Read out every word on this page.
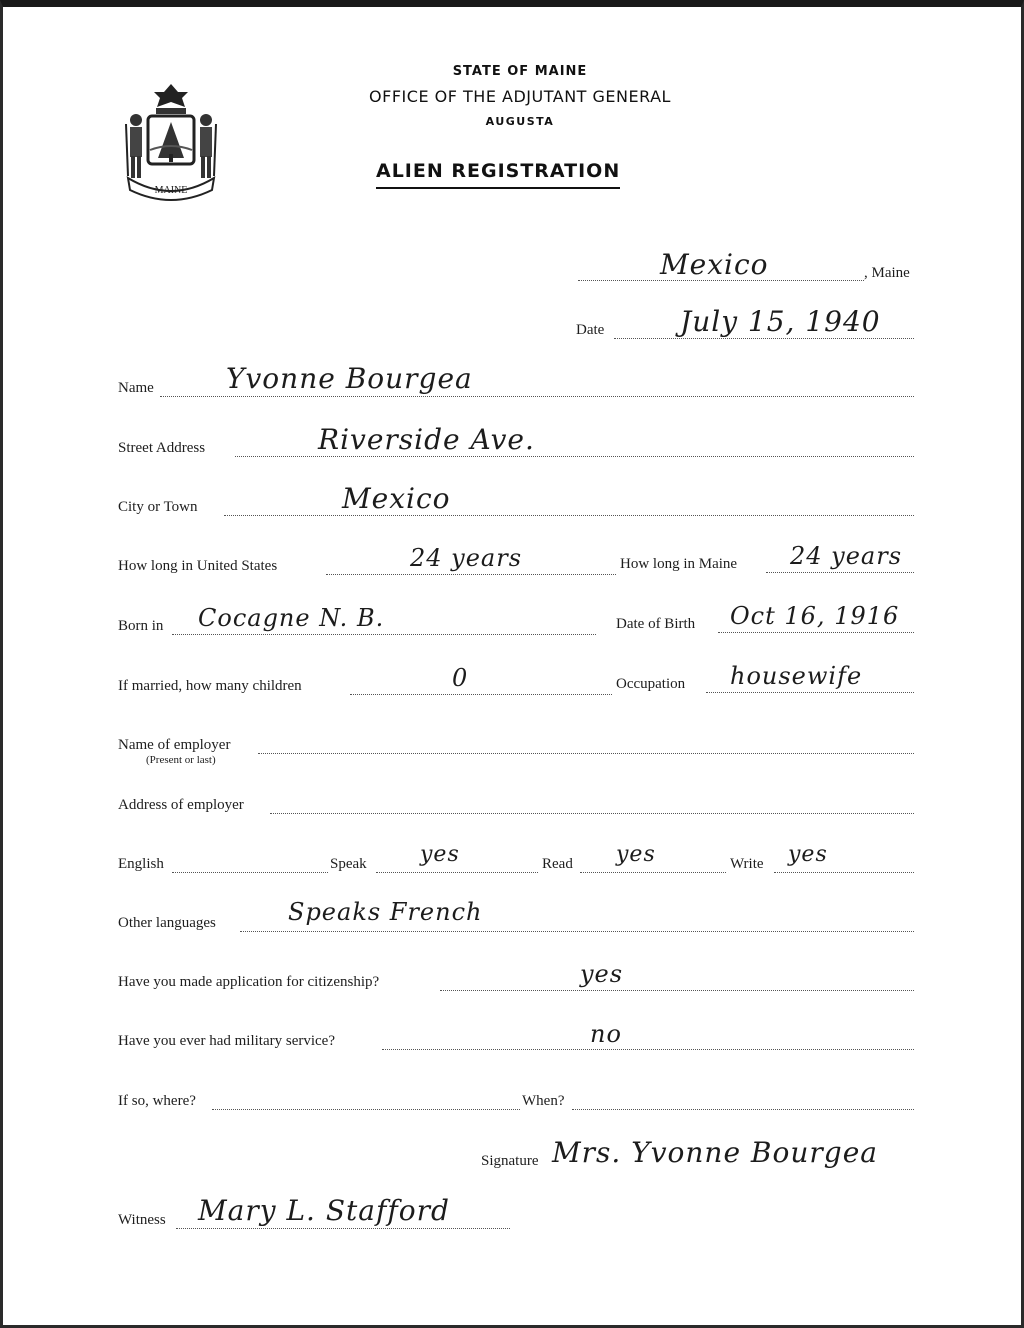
MAINE
STATE OF MAINE
OFFICE OF THE ADJUTANT GENERAL
AUGUSTA
ALIEN REGISTRATION
Mexico	, Maine
Date	July 15, 1940
Name	Yvonne Bourgea
Street Address	Riverside Ave.
City or Town	Mexico
How long in United States	24 years	How long in Maine 24 years
Born in Cocagne N. B.	Date of Birth Oct 16, 1916
If married, how many children	0	Occupation housewife
Name of employer
(Present or last)
Address of employer
English	Speak yes	Read yes	Write yes
Other languages	Speaks French
Have you made application for citizenship?	yes
Have you ever had military service?	no
If so, where?	When?
Signature Mrs. Yvonne Bourgea
Witness Mary L. Stafford
